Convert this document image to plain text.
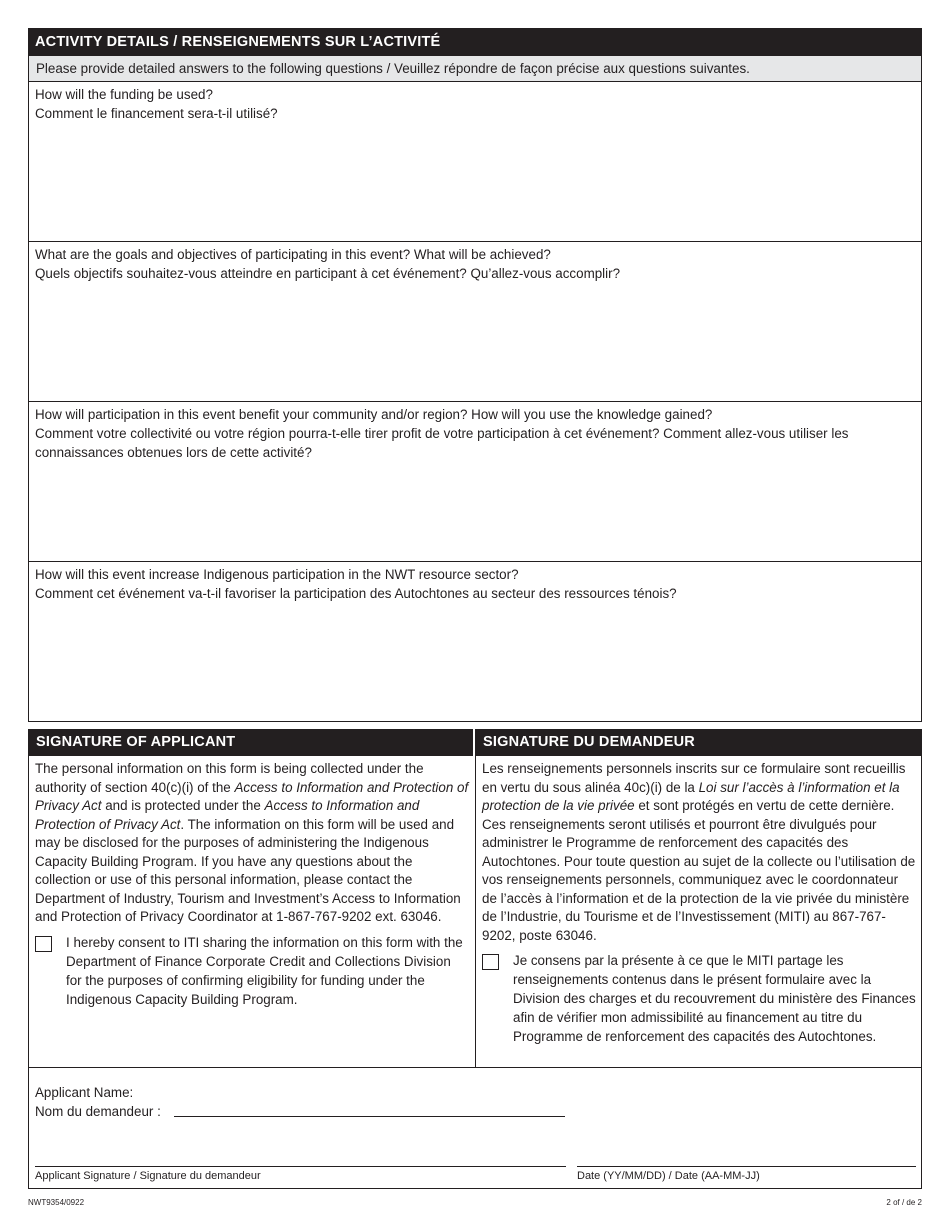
ACTIVITY DETAILS / RENSEIGNEMENTS SUR L’ACTIVITÉ
Please provide detailed answers to the following questions / Veuillez répondre de façon précise aux questions suivantes.
How will the funding be used?
Comment le financement sera-t-il utilisé?
What are the goals and objectives of participating in this event? What will be achieved?
Quels objectifs souhaitez-vous atteindre en participant à cet événement? Qu’allez-vous accomplir?
How will participation in this event benefit your community and/or region? How will you use the knowledge gained?
Comment votre collectivité ou votre région pourra-t-elle tirer profit de votre participation à cet événement? Comment allez-vous utiliser les connaissances obtenues lors de cette activité?
How will this event increase Indigenous participation in the NWT resource sector?
Comment cet événement va-t-il favoriser la participation des Autochtones au secteur des ressources ténois?
SIGNATURE OF APPLICANT
The personal information on this form is being collected under the authority of section 40(c)(i) of the Access to Information and Protection of Privacy Act and is protected under the Access to Information and Protection of Privacy Act. The information on this form will be used and may be disclosed for the purposes of administering the Indigenous Capacity Building Program. If you have any questions about the collection or use of this personal information, please contact the Department of Industry, Tourism and Investment’s Access to Information and Protection of Privacy Coordinator at 1-867-767-9202 ext. 63046.
I hereby consent to ITI sharing the information on this form with the Department of Finance Corporate Credit and Collections Division for the purposes of confirming eligibility for funding under the Indigenous Capacity Building Program.
SIGNATURE DU DEMANDEUR
Les renseignements personnels inscrits sur ce formulaire sont recueillis en vertu du sous alinéa 40c)(i) de la Loi sur l’accès à l’information et la protection de la vie privée et sont protégés en vertu de cette dernière. Ces renseignements seront utilisés et pourront être divulgués pour administrer le Programme de renforcement des capacités des Autochtones. Pour toute question au sujet de la collecte ou l’utilisation de vos renseignements personnels, communiquez avec le coordonnateur de l’accès à l’information et de la protection de la vie privée du ministère de l’Industrie, du Tourisme et de l’Investissement (MITI) au 867-767-9202, poste 63046.
Je consens par la présente à ce que le MITI partage les renseignements contenus dans le présent formulaire avec la Division des charges et du recouvrement du ministère des Finances afin de vérifier mon admissibilité au financement au titre du Programme de renforcement des capacités des Autochtones.
Applicant Name:
Nom du demandeur :
Applicant Signature / Signature du demandeur	Date (YY/MM/DD) / Date (AA-MM-JJ)
NWT9354/0922	2 of / de 2
